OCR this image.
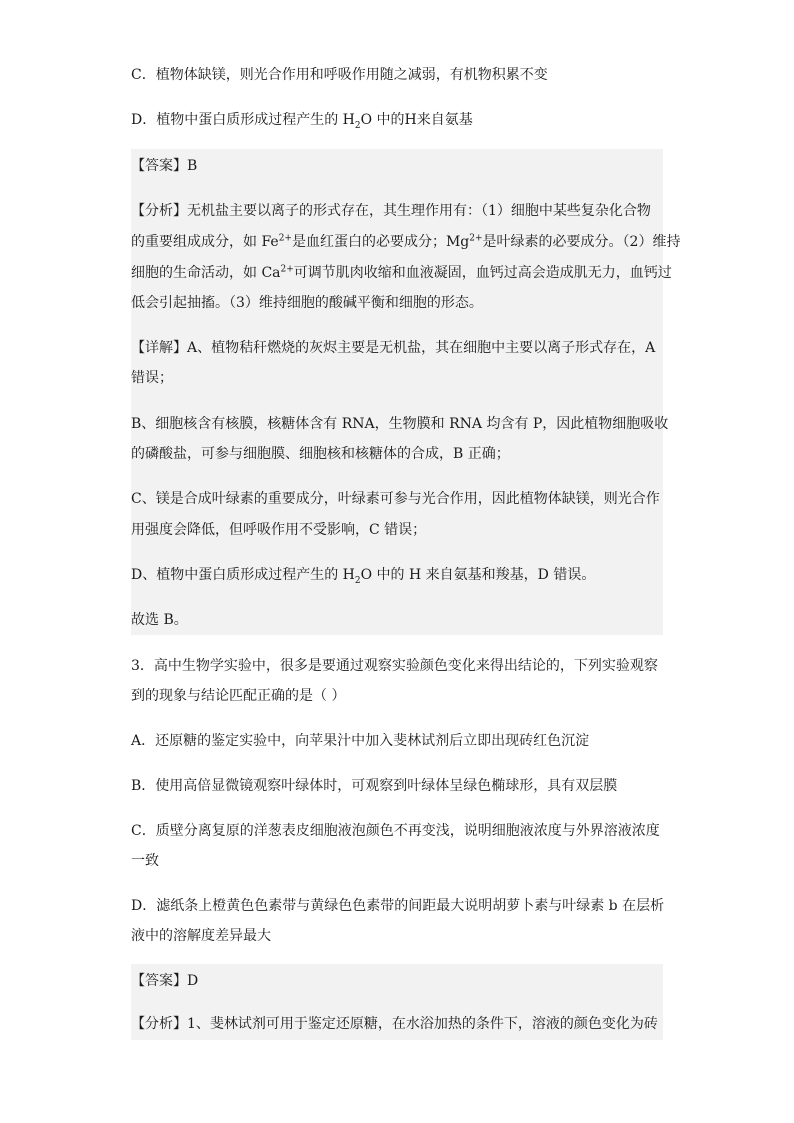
C．植物体缺镁，则光合作用和呼吸作用随之减弱，有机物积累不变
D．植物中蛋白质形成过程产生的 $H_2O$ 中的H来自氨基
【答案】B
【分析】无机盐主要以离子的形式存在，其生理作用有：（1）细胞中某些复杂化合物
的重要组成成分，如 $Fe^{2+}$是血红蛋白的必要成分；$Mg^{2+}$是叶绿素的必要成分。（2）维持
细胞的生命活动，如 $Ca^{2+}$可调节肌肉收缩和血液凝固，血钙过高会造成肌无力，血钙过
低会引起抽搐。（3）维持细胞的酸碱平衡和细胞的形态。
【详解】A、植物秸秆燃烧的灰烬主要是无机盐，其在细胞中主要以离子形式存在，A
错误；
B、细胞核含有核膜，核糖体含有 RNA，生物膜和 RNA 均含有 P，因此植物细胞吸收
的磷酸盐，可参与细胞膜、细胞核和核糖体的合成，B 正确；
C、镁是合成叶绿素的重要成分，叶绿素可参与光合作用，因此植物体缺镁，则光合作
用强度会降低，但呼吸作用不受影响，C 错误；
D、植物中蛋白质形成过程产生的 $H_2O$ 中的 H 来自氨基和羧基，D 错误。
故选 B。
3．高中生物学实验中，很多是要通过观察实验颜色变化来得出结论的，下列实验观察
到的现象与结论匹配正确的是（ ）
A．还原糖的鉴定实验中，向苹果汁中加入斐林试剂后立即出现砖红色沉淀
B．使用高倍显微镜观察叶绿体时，可观察到叶绿体呈绿色椭球形，具有双层膜
C．质壁分离复原的洋葱表皮细胞液泡颜色不再变浅，说明细胞液浓度与外界溶液浓度
一致
D．滤纸条上橙黄色色素带与黄绿色色素带的间距最大说明胡萝卜素与叶绿素 b 在层析
液中的溶解度差异最大
【答案】D
【分析】1、斐林试剂可用于鉴定还原糖，在水浴加热的条件下，溶液的颜色变化为砖
